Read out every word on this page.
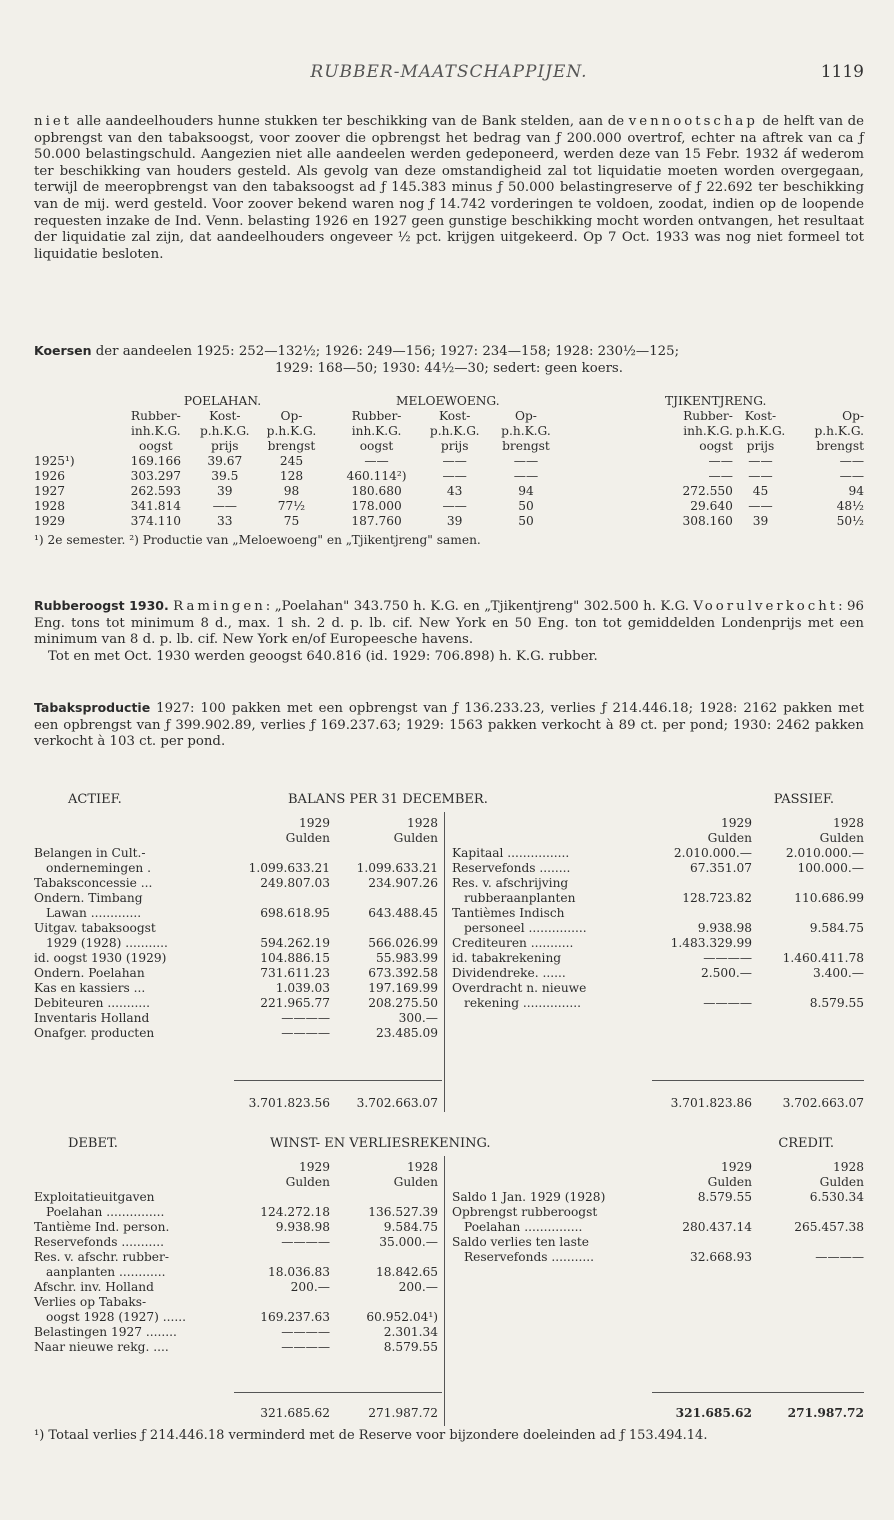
RUBBER-MAATSCHAPPIJEN.	1119

niet alle aandeelhouders hunne stukken ter beschikking van de Bank stelden, aan de vennootschap de helft van de opbrengst van den tabaksoogst, voor zoover die opbrengst het bedrag van ƒ 200.000 overtrof, echter na aftrek van ca ƒ 50.000 belastingschuld. Aangezien niet alle aandeelen werden gedeponeerd, werden deze van 15 Febr. 1932 áf wederom ter beschikking van houders gesteld. Als gevolg van deze omstandigheid zal tot liquidatie moeten worden overgegaan, terwijl de meeropbrengst van den tabaksoogst ad ƒ 145.383 minus ƒ 50.000 belastingreserve of ƒ 22.692 ter beschikking van de mij. werd gesteld. Voor zoover bekend waren nog ƒ 14.742 vorderingen te voldoen, zoodat, indien op de loopende requesten inzake de Ind. Venn. belasting 1926 en 1927 geen gunstige beschikking mocht worden ontvangen, het resultaat der liquidatie zal zijn, dat aandeelhouders ongeveer ½ pct. krijgen uitgekeerd. Op 7 Oct. 1933 was nog niet formeel tot liquidatie besloten.

Koersen der aandeelen 1925: 252—132½; 1926: 249—156; 1927: 234—158; 1928: 230½—125;

1929: 168—50; 1930: 44½—30; sedert: geen koers.

	POELAHAN.			MELOEWOENG.			TJIKENTJRENG.		
	Rubber-	Kost-	Op-	Rubber-	Kost-	Op-	Rubber-	Kost-	Op-
	inh.K.G.	p.h.K.G.	p.h.K.G.	inh.K.G.	p.h.K.G.	p.h.K.G.	inh.K.G.	p.h.K.G.	p.h.K.G.
	oogst	prijs	brengst	oogst	prijs	brengst	oogst	prijs	brengst
1925¹)	169.166	39.67	245	——	——	——	——	——	——
1926	303.297	39.5	128	460.114²)	——	——	——	——	——
1927	262.593	39	98	180.680	43	94	272.550	45	94
1928	341.814	——	77½	178.000	——	50	29.640	——	48½
1929	374.110	33	75	187.760	39	50	308.160	39	50½
¹) 2e semester. ²) Productie van „Meloewoeng" en „Tjikentjreng" samen.

Rubberoogst 1930. Ramingen: „Poelahan" 343.750 h. K.G. en „Tjikentjreng" 302.500 h. K.G. Voorulverkocht: 96 Eng. tons tot minimum 8 d., max. 1 sh. 2 d. p. lb. cif. New York en 50 Eng. ton tot gemiddelden Londenprijs met een minimum van 8 d. p. lb. cif. New York en/of Europeesche havens.

Tot en met Oct. 1930 werden geoogst 640.816 (id. 1929: 706.898) h. K.G. rubber.

Tabaksproductie 1927: 100 pakken met een opbrengst van ƒ 136.233.23, verlies ƒ 214.446.18; 1928: 2162 pakken met een opbrengst van ƒ 399.902.89, verlies ƒ 169.237.63; 1929: 1563 pakken verkocht à 89 ct. per pond; 1930: 2462 pakken verkocht à 103 ct. per pond.

ACTIEF.	BALANS PER 31 DECEMBER.	PASSIEF.
	1929	1928
	Gulden	Gulden
Belangen in Cult.-		
ondernemingen .	1.099.633.21	1.099.633.21
Tabaksconcessie ...	249.807.03	234.907.26
Ondern. Timbang		
Lawan .............	698.618.95	643.488.45
Uitgav. tabaksoogst		
1929 (1928) ...........	594.262.19	566.026.99
id. oogst 1930 (1929)	104.886.15	55.983.99
Ondern. Poelahan	731.611.23	673.392.58
Kas en kassiers ...	1.039.03	197.169.99
Debiteuren ...........	221.965.77	208.275.50
Inventaris Holland	————	300.—
Onafger. producten	————	23.485.09
	3.701.823.56	3.702.663.07
	1929	1928
	Gulden	Gulden
Kapitaal ................	2.010.000.—	2.010.000.—
Reservefonds ........	67.351.07	100.000.—
Res. v. afschrijving		
rubberaanplanten	128.723.82	110.686.99
Tantièmes Indisch		
personeel ...............	9.938.98	9.584.75
Crediteuren ...........	1.483.329.99	
id. tabakrekening	————	1.460.411.78
Dividendreke. ......	2.500.—	3.400.—
Overdracht n. nieuwe		
rekening ...............	————	8.579.55
	3.701.823.86	3.702.663.07
DEBET.	WINST- EN VERLIESREKENING.	CREDIT.
	1929	1928
	Gulden	Gulden
Exploitatieuitgaven		
Poelahan ...............	124.272.18	136.527.39
Tantième Ind. person.	9.938.98	9.584.75
Reservefonds ...........	————	35.000.—
Res. v. afschr. rubber-		
aanplanten ............	18.036.83	18.842.65
Afschr. inv. Holland	200.—	200.—
Verlies op Tabaks-		
oogst 1928 (1927) ......	169.237.63	60.952.04¹)
Belastingen 1927 ........	————	2.301.34
Naar nieuwe rekg. ....	————	8.579.55
	321.685.62	271.987.72
	1929	1928
	Gulden	Gulden
Saldo 1 Jan. 1929 (1928)	8.579.55	6.530.34
Opbrengst rubberoogst		
Poelahan ...............	280.437.14	265.457.38
Saldo verlies ten laste		
Reservefonds ...........	32.668.93	————
	321.685.62	271.987.72
¹) Totaal verlies ƒ 214.446.18 verminderd met de Reserve voor bijzondere doeleinden ad ƒ 153.494.14.
